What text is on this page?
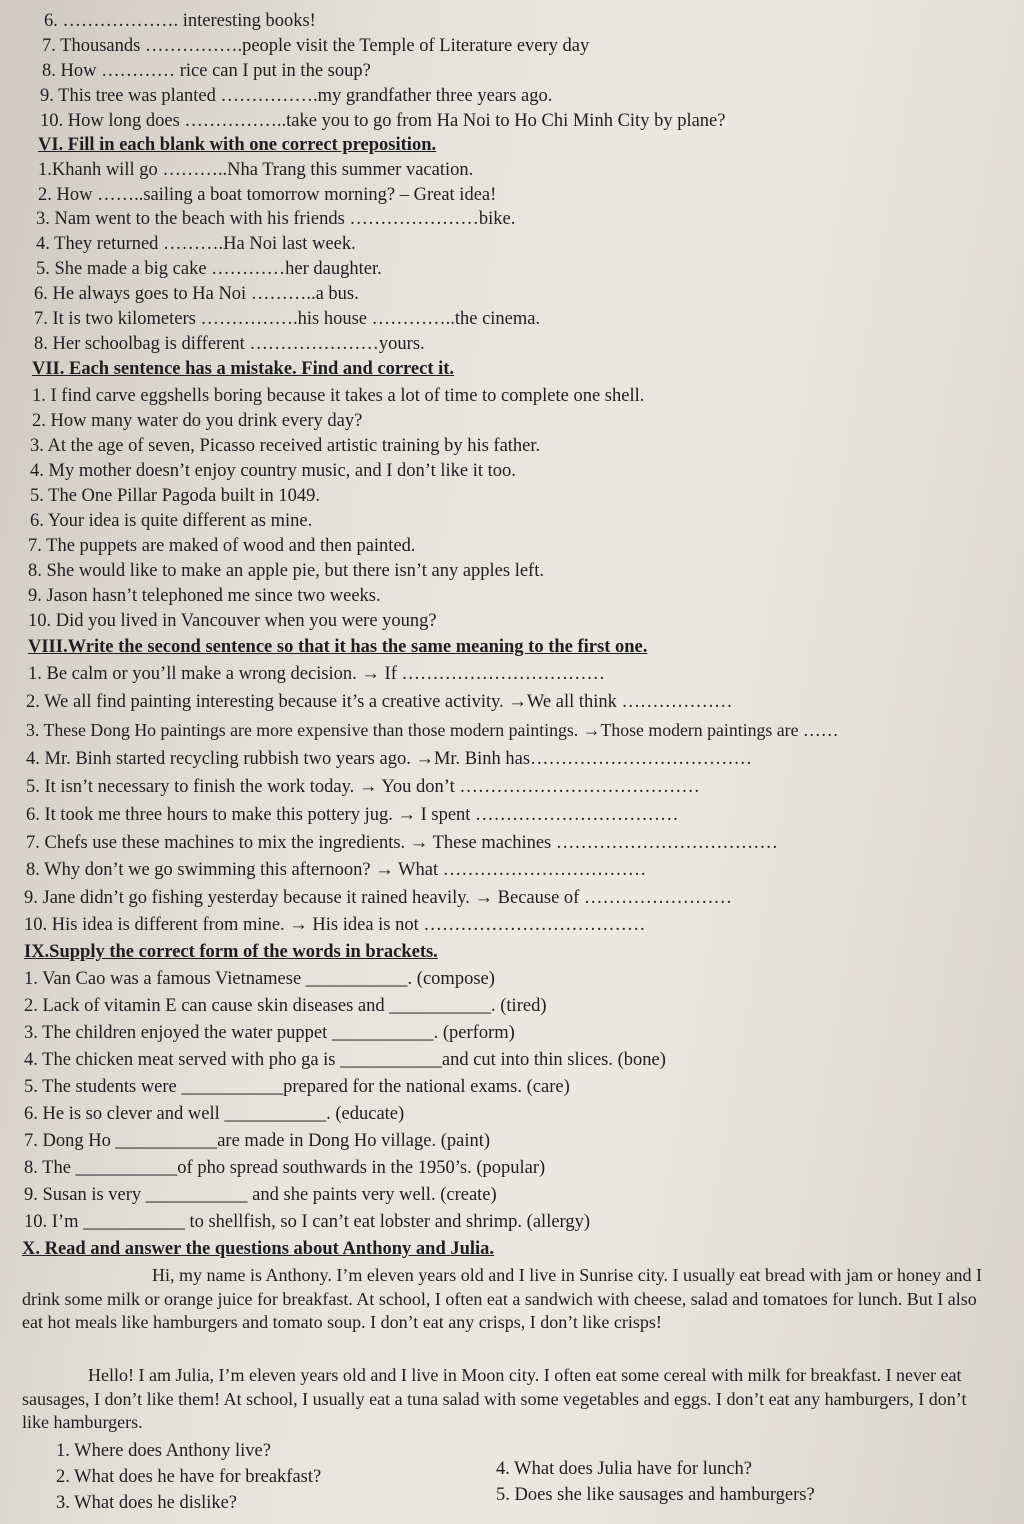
6. ………………. interesting books!
7. Thousands …………….people visit the Temple of Literature every day
8. How ………… rice can I put in the soup?
9. This tree was planted …………….my grandfather three years ago.
10. How long does ……………..take you to go from Ha Noi to Ho Chi Minh City by plane?
VI. Fill in each blank with one correct preposition.
1.Khanh will go ………..Nha Trang this summer vacation.
2. How ……..sailing a boat tomorrow morning? – Great idea!
3. Nam went to the beach with his friends …………………bike.
4. They returned ……….Ha Noi last week.
5. She made a big cake …………her daughter.
6. He always goes to Ha Noi ………..a bus.
7. It is two kilometers …………….his house …………..the cinema.
8. Her schoolbag is different …………………yours.
VII. Each sentence has a mistake. Find and correct it.
1. I find carve eggshells boring because it takes a lot of time to complete one shell.
2. How many water do you drink every day?
3. At the age of seven, Picasso received artistic training by his father.
4. My mother doesn’t enjoy country music, and I don’t like it too.
5. The One Pillar Pagoda built in 1049.
6. Your idea is quite different as mine.
7. The puppets are maked of wood and then painted.
8. She would like to make an apple pie, but there isn’t any apples left.
9. Jason hasn’t telephoned me since two weeks.
10. Did you lived in Vancouver when you were young?
VIII.Write the second sentence so that it has the same meaning to the first one.
1. Be calm or you’ll make a wrong decision. → If ……………………………
2. We all find painting interesting because it’s a creative activity. →We all think ………………
3. These Dong Ho paintings are more expensive than those modern paintings. →Those modern paintings are ……
4. Mr. Binh started recycling rubbish two years ago. →Mr. Binh has………………………………
5. It isn’t necessary to finish the work today. → You don’t …………………………………
6. It took me three hours to make this pottery jug. → I spent ……………………………
7. Chefs use these machines to mix the ingredients. → These machines ………………………………
8. Why don’t we go swimming this afternoon? → What ……………………………
9. Jane didn’t go fishing yesterday because it rained heavily. → Because of ……………………
10. His idea is different from mine. → His idea is not ………………………………
IX.Supply the correct form of the words in brackets.
1. Van Cao was a famous Vietnamese ___________. (compose)
2. Lack of vitamin E can cause skin diseases and ___________. (tired)
3. The children enjoyed the water puppet ___________. (perform)
4. The chicken meat served with pho ga is ___________and cut into thin slices. (bone)
5. The students were ___________prepared for the national exams. (care)
6. He is so clever and well ___________. (educate)
7. Dong Ho ___________are made in Dong Ho village. (paint)
8. The ___________of pho spread southwards in the 1950’s. (popular)
9. Susan is very ___________ and she paints very well. (create)
10. I’m ___________ to shellfish, so I can’t eat lobster and shrimp. (allergy)
X. Read and answer the questions about Anthony and Julia.
Hi, my name is Anthony. I’m eleven years old and I live in Sunrise city. I usually eat bread with jam or honey and I drink some milk or orange juice for breakfast. At school, I often eat a sandwich with cheese, salad and tomatoes for lunch. But I also eat hot meals like hamburgers and tomato soup. I don’t eat any crisps, I don’t like crisps!
Hello! I am Julia, I’m eleven years old and I live in Moon city. I often eat some cereal with milk for breakfast. I never eat sausages, I don’t like them! At school, I usually eat a tuna salad with some vegetables and eggs. I don’t eat any hamburgers, I don’t like hamburgers.
1. Where does Anthony live?
2. What does he have for breakfast?
3. What does he dislike?
4. What does Julia have for lunch?
5. Does she like sausages and hamburgers?
